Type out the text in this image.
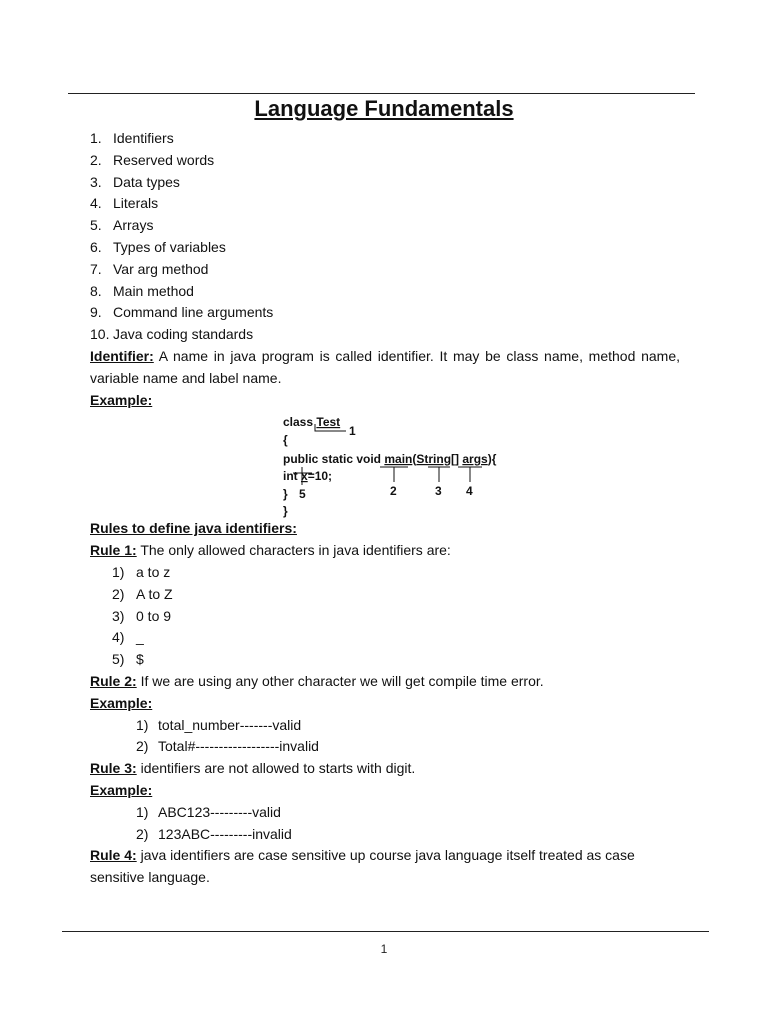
Language Fundamentals
1. Identifiers
2. Reserved words
3. Data types
4. Literals
5. Arrays
6. Types of variables
7. Var arg method
8. Main method
9. Command line arguments
10. Java coding standards

Identifier: A name in java program is called identifier. It may be class name, method name, variable name and label name.

Example:

class Test
{
public static void main(String[] args){
int x=10;
}
}
1
2	3 4
5

Rules to define java identifiers:

Rule 1: The only allowed characters in java identifiers are:

1) a to z
2) A to Z
3) 0 to 9
4) _
5) $

Rule 2: If we are using any other character we will get compile time error.

Example:

1) total_number-------valid
2) Total#------------------invalid

Rule 3: identifiers are not allowed to starts with digit.

Example:

1) ABC123---------valid
2) 123ABC---------invalid

Rule 4: java identifiers are case sensitive up course java language itself treated as case sensitive language.

1
